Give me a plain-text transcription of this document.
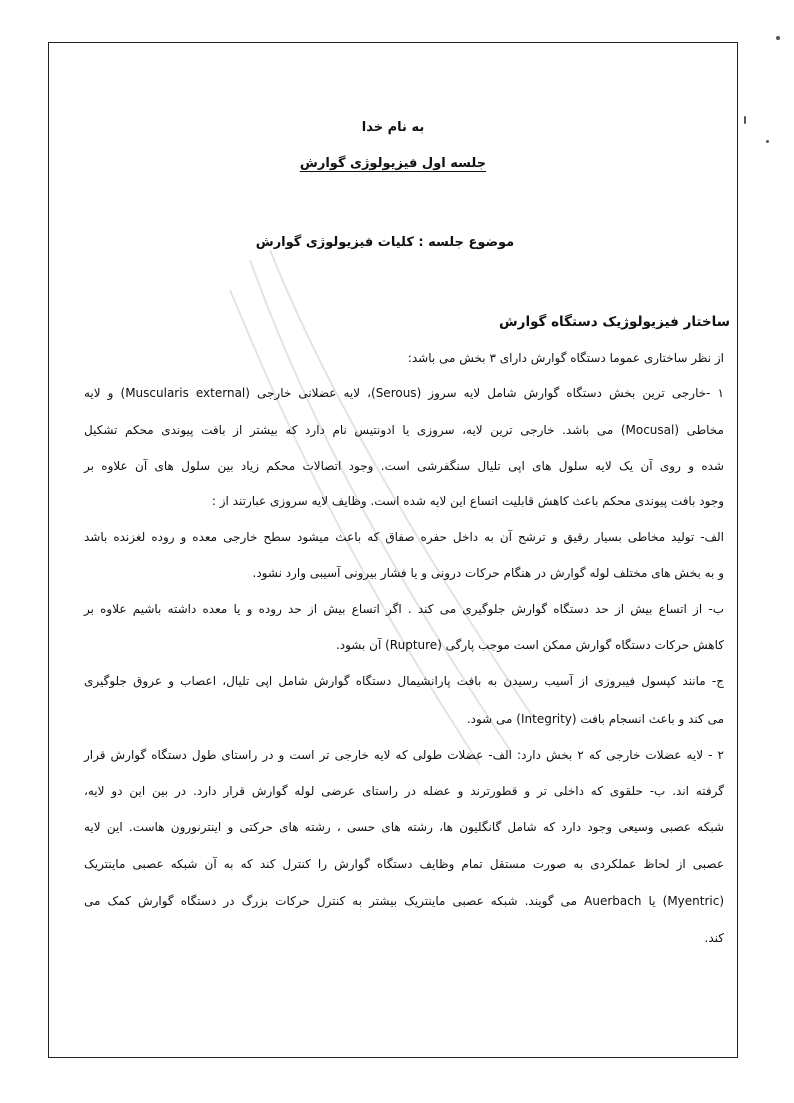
به نام خدا
جلسه اول فیزیولوژی گوارش
موضوع جلسه : کلیات فیزیولوژی گوارش
ساختار فیزیولوژیک دستگاه گوارش
از نظر ساختاری عموما دستگاه گوارش دارای ۳ بخش می باشد:
۱ -خارجی ترین بخش دستگاه گوارش شامل لایه سروز (Serous)، لایه عضلانی خارجی (Muscularis external) و لایه
مخاطی (Mocusal) می باشد. خارجی ترین لایه، سروزی یا ادونتیس نام دارد که بیشتر از بافت پیوندی محکم تشکیل
شده و روی آن یک لایه سلول های اپی تلیال سنگفرشی است. وجود اتصالات محکم زیاد بین سلول های آن علاوه بر
وجود بافت پیوندی محکم باعث کاهش قابلیت اتساع این لایه شده است. وظایف لایه سروزی عبارتند از :
الف- تولید مخاطی بسیار رقیق و ترشح آن به داخل حفره صفاق که باعث میشود سطح خارجی معده و روده لغزنده باشد
و به بخش های مختلف لوله گوارش در هنگام حرکات درونی و یا فشار بیرونی آسیبی وارد نشود.
ب- از اتساع بیش از حد دستگاه گوارش جلوگیری می کند . اگر اتساع بیش از حد روده و یا معده داشته باشیم علاوه بر
کاهش حرکات دستگاه گوارش ممکن است موجب پارگی (Rupture) آن بشود.
ج- مانند کپسول فیبروزی از آسیب رسیدن به بافت پارانشیمال دستگاه گوارش شامل اپی تلیال، اعصاب و عروق جلوگیری
می کند و باعث انسجام بافت (Integrity) می شود.
۲ - لایه عضلات خارجی که ۲ بخش دارد: الف- عضلات طولی که لایه خارجی تر است و در راستای طول دستگاه گوارش قرار
گرفته اند. ب- حلقوی که داخلی تر و قطورترند و عضله در راستای عرضی لوله گوارش قرار دارد. در بین این دو لایه،
شبکه عصبی وسیعی وجود دارد که شامل گانگلیون ها، رشته های حسی ، رشته های حرکتی و اینترنورون هاست. این لایه
عصبی از لحاظ عملکردی به صورت مستقل تمام وظایف دستگاه گوارش را کنترل کند که به آن شبکه عصبی ماینتریک
(Myentric) یا Auerbach می گویند. شبکه عصبی ماینتریک بیشتر به کنترل حرکات بزرگ در دستگاه گوارش کمک می
کند.
